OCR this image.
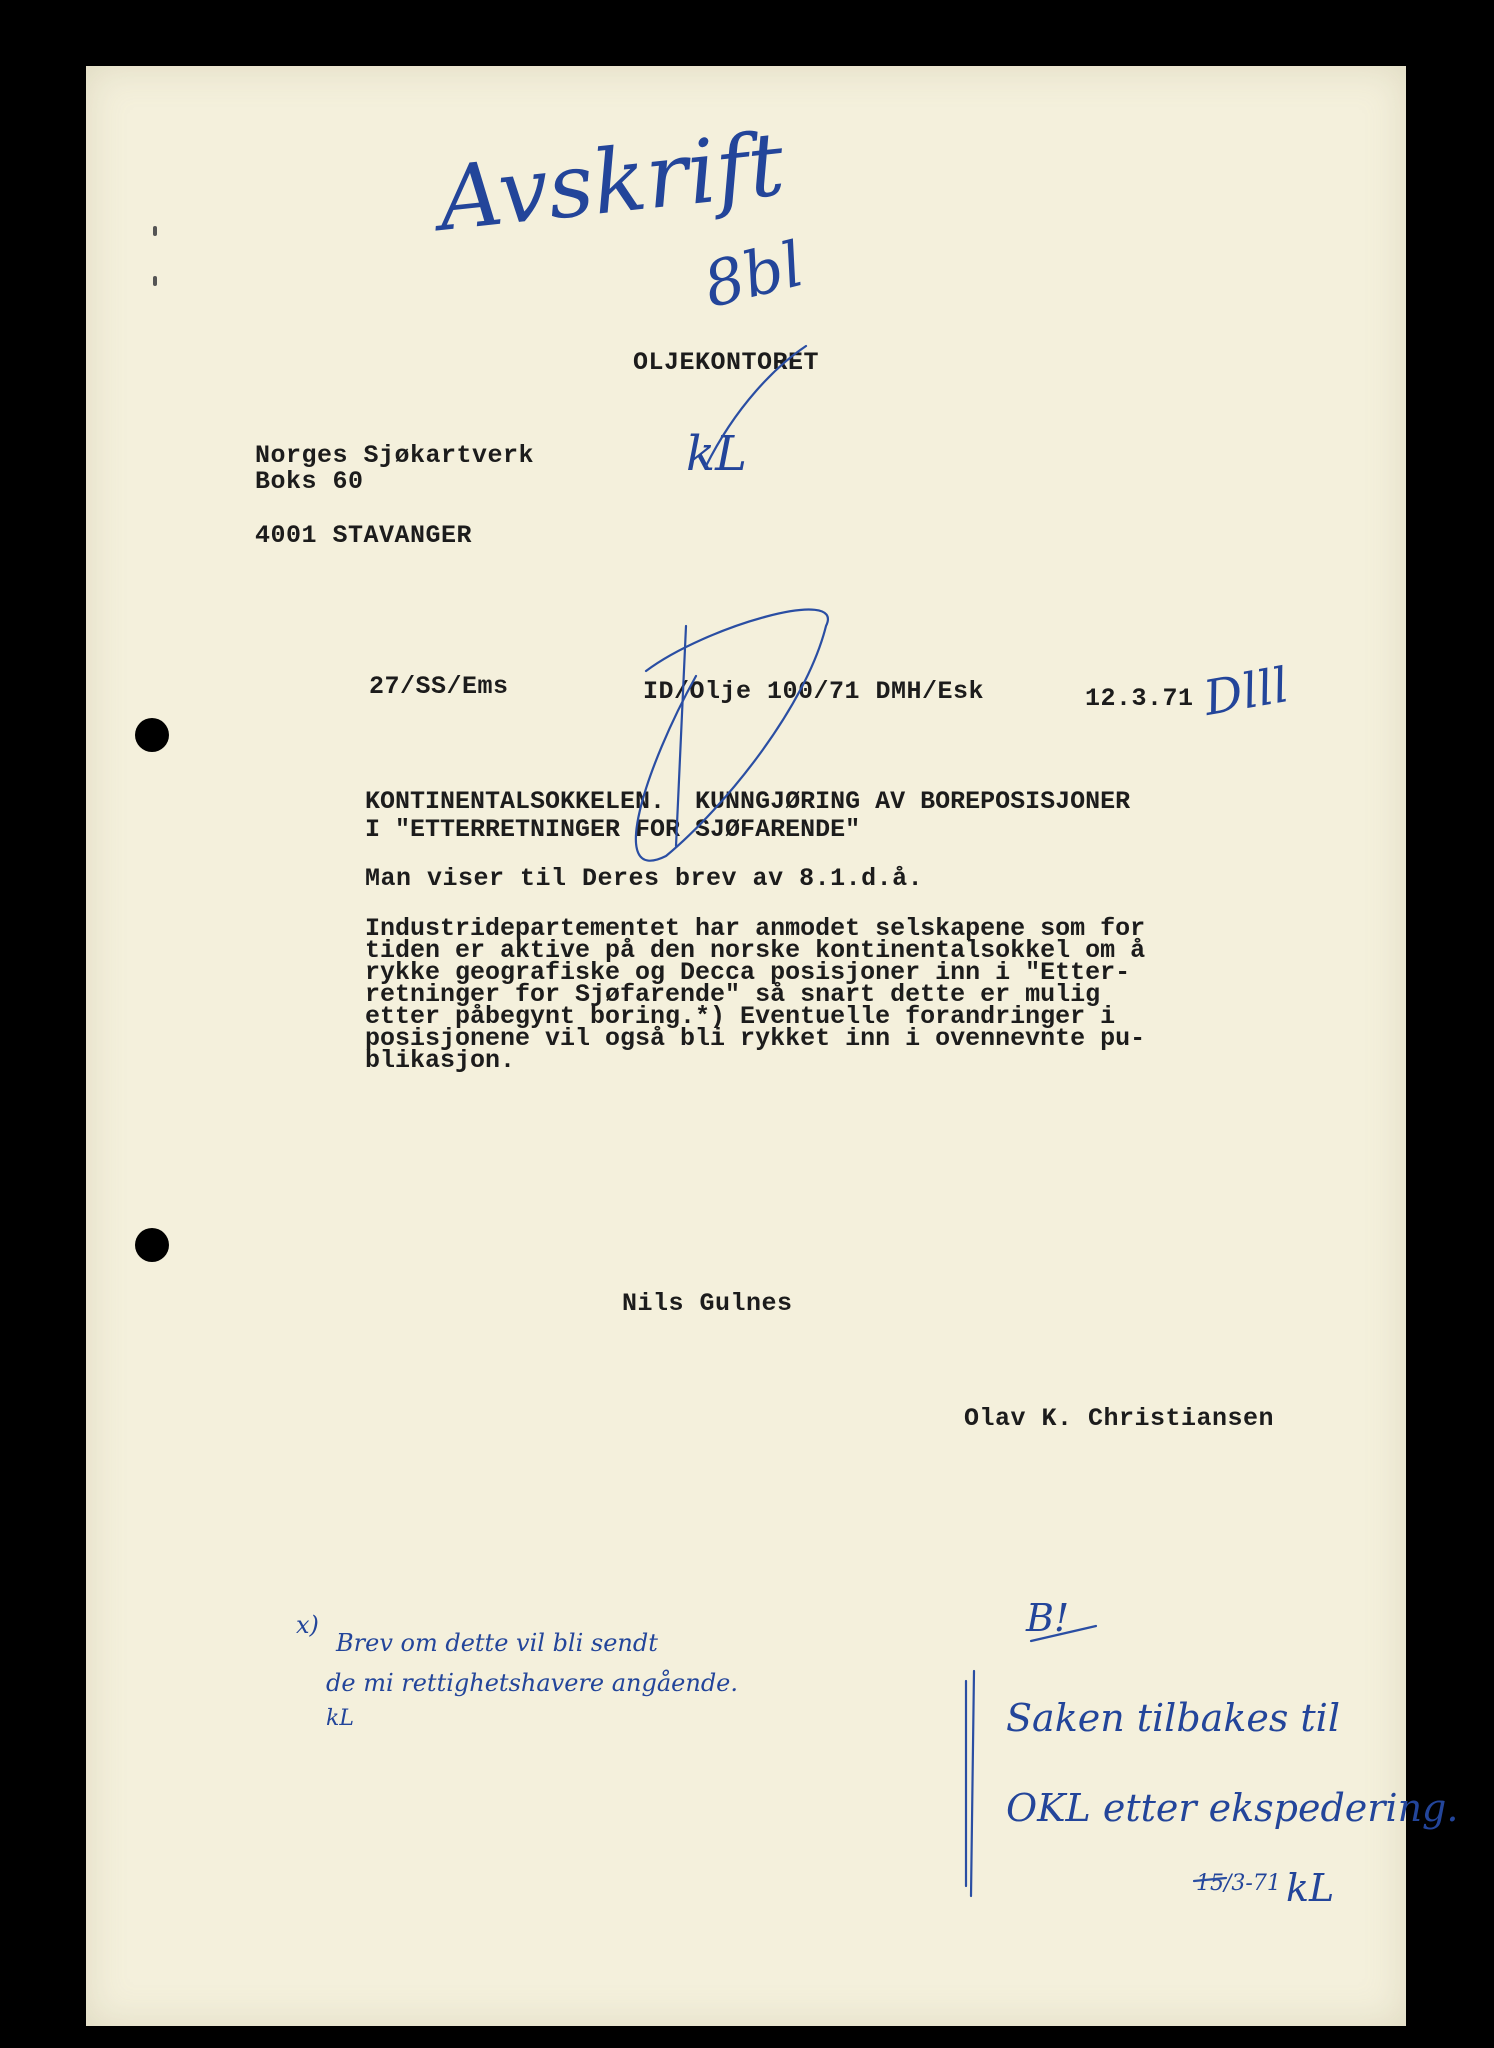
OLJEKONTORET
Norges Sjøkartverk
Boks 60
4001 STAVANGER
27/SS/Ems	ID/Olje 100/71 DMH/Esk	12.3.71
KONTINENTALSOKKELEN.  KUNNGJØRING AV BOREPOSISJONER
I "ETTERRETNINGER FOR SJØFARENDE"
Man viser til Deres brev av 8.1.d.å.
Industridepartementet har anmodet selskapene som for
tiden er aktive på den norske kontinentalsokkel om å
rykke geografiske og Decca posisjoner inn i "Etter-
retninger for Sjøfarende" så snart dette er mulig
etter påbegynt boring.*) Eventuelle forandringer i
posisjonene vil også bli rykket inn i ovennevnte pu-
blikasjon.
Nils Gulnes
Olav K. Christiansen
Avskrift
8bl
kL
Dlll
x)
Brev om dette vil bli sendt
de mi rettighetshavere angående.
kL
B!
Saken tilbakes til
OKL etter ekspedering.
15/3-71 kL
